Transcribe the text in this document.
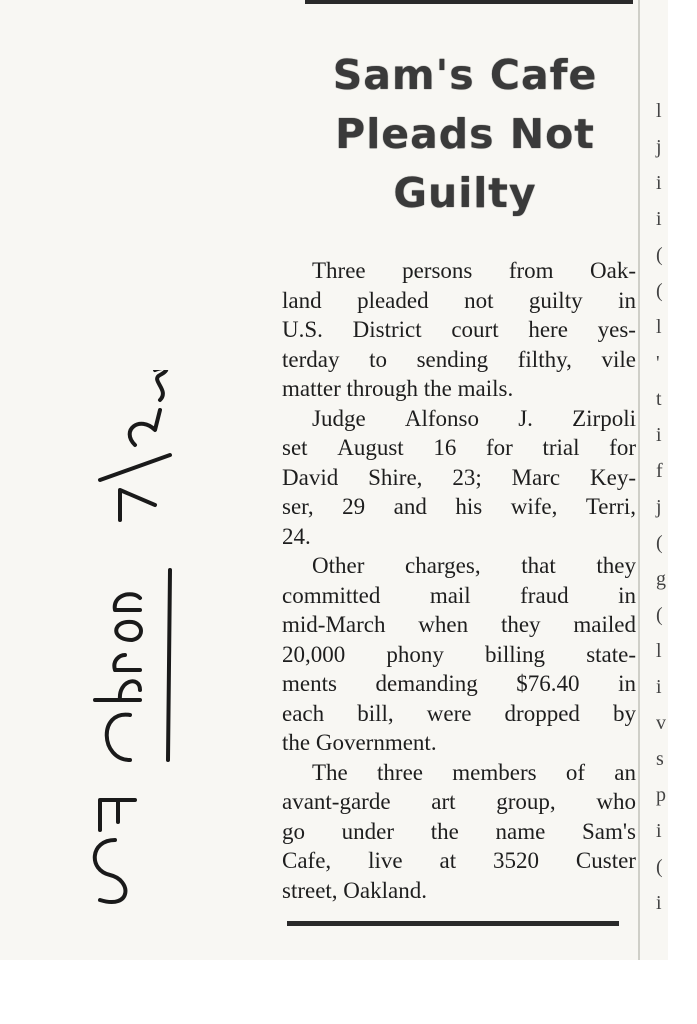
Sam's Cafe
Pleads Not
Guilty
Three persons from Oak-
land pleaded not guilty in
U.S. District court here yes-
terday to sending filthy, vile
matter through the mails.
Judge Alfonso J. Zirpoli
set August 16 for trial for
David Shire, 23; Marc Key-
ser, 29 and his wife, Terri,
24.
Other charges, that they
committed mail fraud in
mid-March when they mailed
20,000 phony billing state-
ments demanding $76.40 in
each bill, were dropped by
the Government.
The three members of an
avant-garde art group, who
go under the name Sam's
Cafe, live at 3520 Custer
street, Oakland.
l
j
i
i
(
(
l
'
t
i
f
j
(
g
(
l
i
v
s
p
i
(
i
